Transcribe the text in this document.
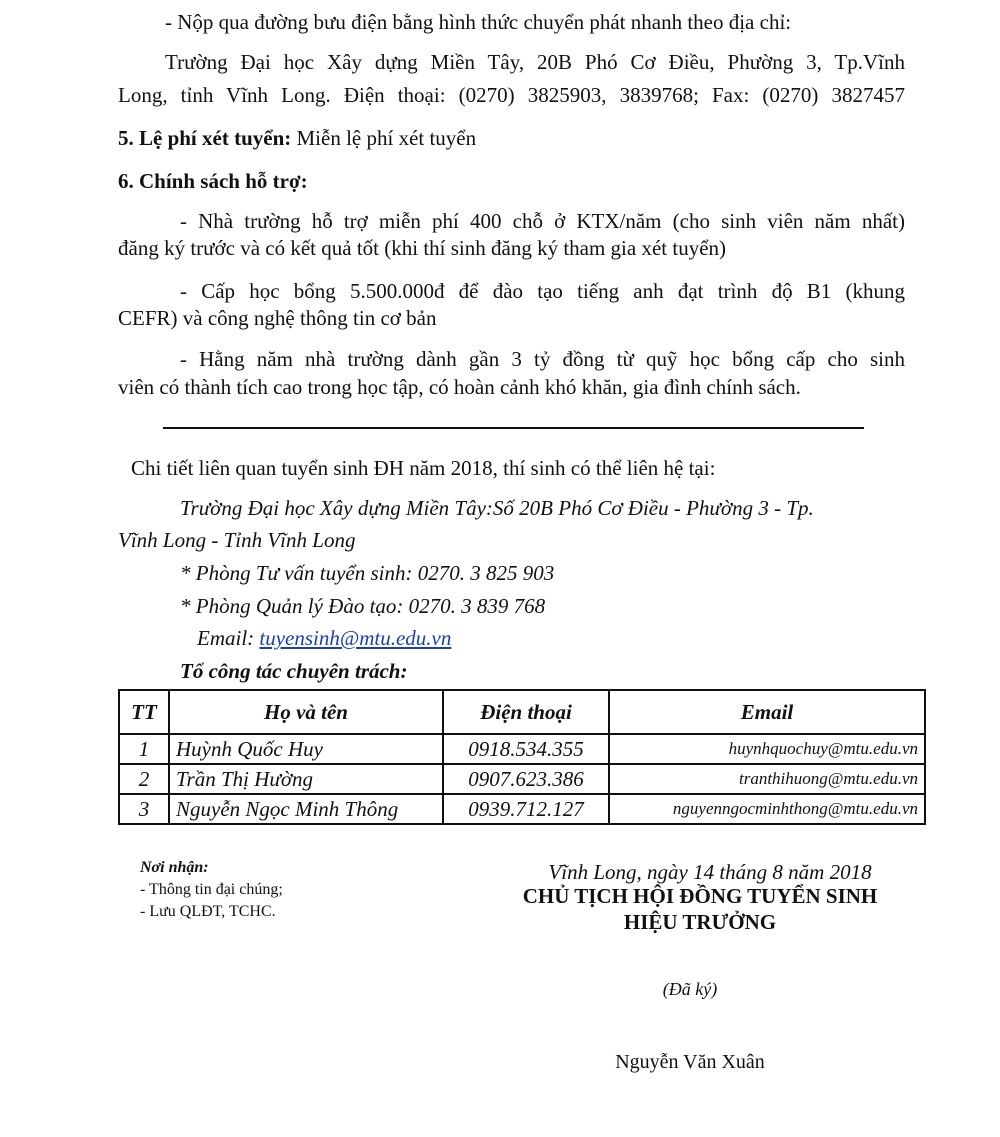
- Nộp qua đường bưu điện bằng hình thức chuyển phát nhanh theo địa chỉ:
Trường Đại học Xây dựng Miền Tây, 20B Phó Cơ Điều, Phường 3, Tp.Vĩnh
Long, tỉnh Vĩnh Long. Điện thoại: (0270) 3825903, 3839768; Fax: (0270) 3827457
5. Lệ phí xét tuyển: Miễn lệ phí xét tuyển
6. Chính sách hỗ trợ:
- Nhà trường hỗ trợ miễn phí 400 chỗ ở KTX/năm (cho sinh viên năm nhất)
đăng ký trước và có kết quả tốt (khi thí sinh đăng ký tham gia xét tuyển)
- Cấp học bổng 5.500.000đ để đào tạo tiếng anh đạt trình độ B1 (khung
CEFR) và công nghệ thông tin cơ bản
- Hằng năm nhà trường dành gần 3 tỷ đồng từ quỹ học bổng cấp cho sinh
viên có thành tích cao trong học tập, có hoàn cảnh khó khăn, gia đình chính sách.
Chi tiết liên quan tuyển sinh ĐH năm 2018, thí sinh có thể liên hệ tại:
Trường Đại học Xây dựng Miền Tây:Số 20B Phó Cơ Điều - Phường 3 - Tp.
Vĩnh Long - Tỉnh Vĩnh Long
* Phòng Tư vấn tuyển sinh: 0270. 3 825 903
* Phòng Quản lý Đào tạo: 0270. 3 839 768
Email: tuyensinh@mtu.edu.vn
Tổ công tác chuyên trách:
TT	Họ và tên	Điện thoại	Email
1	Huỳnh Quốc Huy	0918.534.355	huynhquochuy@mtu.edu.vn
2	Trần Thị Hường	0907.623.386	tranthihuong@mtu.edu.vn
3	Nguyễn Ngọc Minh Thông	0939.712.127	nguyenngocminhthong@mtu.edu.vn
Nơi nhận:
- Thông tin đại chúng;
- Lưu QLĐT, TCHC.
Vĩnh Long, ngày 14 tháng 8 năm 2018
CHỦ TỊCH HỘI ĐỒNG TUYỂN SINH
HIỆU TRƯỞNG
(Đã ký)
Nguyễn Văn Xuân
